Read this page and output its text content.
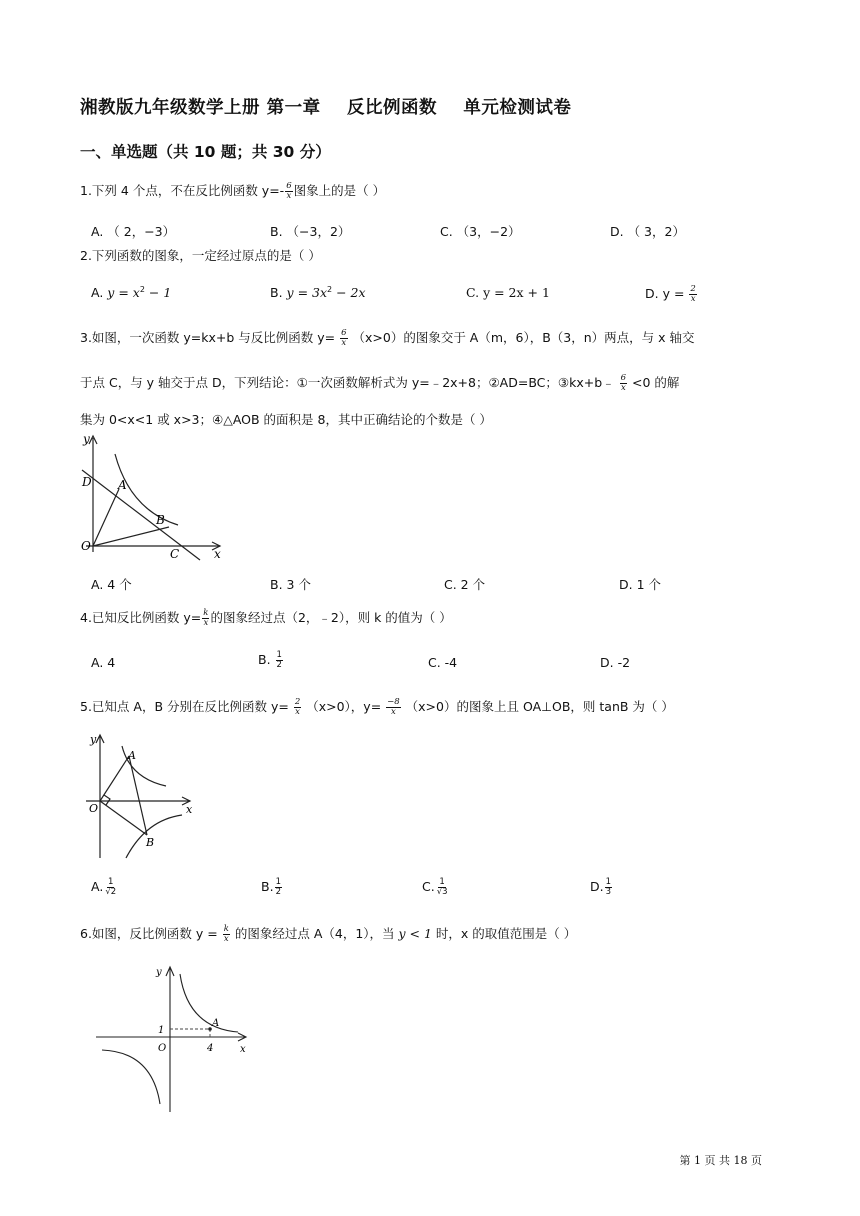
湘教版九年级数学上册 第一章    反比例函数    单元检测试卷
一、单选题（共 10 题；共 30 分）
1.下列 4 个点，不在反比例函数 $y=- \frac{6}{x}$ 图象上的是（ ）
A. （ 2，−3）	B. （−3，2）	C. （3，−2）	D. （ 3，2）
2.下列函数的图象，一定经过原点的是（ ）
A. $y = x^2 - 1$	B. $y = 3x^2 - 2x$	C. y = 2x + 1	D. $y = \frac{2}{x}$
3.如图，一次函数 y=kx+b 与反比例函数 $y= \frac{6}{x} (x>0)$的图象交于 A（m，6），B（3，n）两点，与 x 轴交
于点 C，与 y 轴交于点 D，下列结论：①一次函数解析式为 y=﹣2x+8；②AD=BC；③kx+b﹣ $\frac{6}{x} <0$ 的解
集为 0<x<1 或 x>3；④△AOB 的面积是 8，其中正确结论的个数是（ ）
y
D A
B
O
C	x
A. 4 个	B. 3 个	C. 2 个	D. 1 个
4.已知反比例函数 $y= \frac{k}{x}$ 的图象经过点（2，﹣2），则 k 的值为（ ）
A. 4	B. $\frac{1}{2}$	C. -4	D. -2
5.已知点 A，B 分别在反比例函数 $y= \frac{2}{x} (x>0)$，$y= \frac{-8}{x} (x>0)$的图象上且 OA⊥OB，则 tanB 为（ ）
y
A
O	x
B
A. $\frac{1}{√2}$	B. $\frac{1}{2}$	C. $\frac{1}{√3}$	D. $\frac{1}{3}$
6.如图，反比例函数 $y = \frac{k}{x}$ 的图象经过点 A（4，1），当 y < 1 时，x 的取值范围是（ ）
y
1
A
O	4	x
第 1 页 共 18 页
